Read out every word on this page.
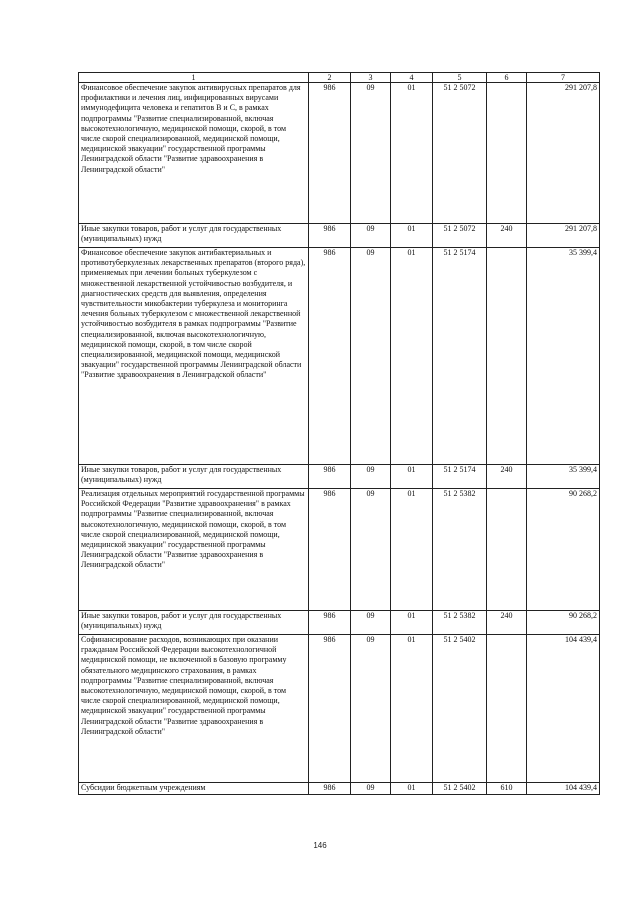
1	2	3	4	5	6	7
Финансовое обеспечение закупок антивирусных препаратов для профилактики и лечения лиц, инфицированных вирусами иммунодефицита человека и гепатитов В и С, в рамках подпрограммы "Развитие специализированной, включая высокотехнологичную, медицинской помощи, скорой, в том числе скорой специализированной, медицинской помощи, медицинской эвакуации" государственной программы Ленинградской области "Развитие здравоохранения в Ленинградской области"	986	09	01	51 2 5072		291 207,8
Иные закупки товаров, работ и услуг для государственных (муниципальных) нужд	986	09	01	51 2 5072	240	291 207,8
Финансовое обеспечение закупок антибактериальных и противотуберкулезных лекарственных препаратов (второго ряда), применяемых при лечении больных туберкулезом с множественной лекарственной устойчивостью возбудителя, и диагностических средств для выявления, определения чувствительности микобактерии туберкулеза и мониторинга лечения больных туберкулезом с множественной лекарственной устойчивостью возбудителя в рамках подпрограммы "Развитие специализированной, включая высокотехнологичную, медицинской помощи, скорой, в том числе скорой специализированной, медицинской помощи, медицинской эвакуации" государственной программы Ленинградской области "Развитие здравоохранения в Ленинградской области"	986	09	01	51 2 5174		35 399,4
Иные закупки товаров, работ и услуг для государственных (муниципальных) нужд	986	09	01	51 2 5174	240	35 399,4
Реализация отдельных мероприятий государственной программы Российской Федерации "Развитие здравоохранения" в рамках подпрограммы "Развитие специализированной, включая высокотехнологичную, медицинской помощи, скорой, в том числе скорой специализированной, медицинской помощи, медицинской эвакуации" государственной программы Ленинградской области "Развитие здравоохранения в Ленинградской области"	986	09	01	51 2 5382		90 268,2
Иные закупки товаров, работ и услуг для государственных (муниципальных) нужд	986	09	01	51 2 5382	240	90 268,2
Софинансирование расходов, возникающих при оказании гражданам Российской Федерации высокотехнологичной медицинской помощи, не включенной в базовую программу обязательного медицинского страхования, в рамках подпрограммы "Развитие специализированной, включая высокотехнологичную, медицинской помощи, скорой, в том числе скорой специализированной, медицинской помощи, медицинской эвакуации" государственной программы Ленинградской области "Развитие здравоохранения в Ленинградской области"	986	09	01	51 2 5402		104 439,4
Субсидии бюджетным учреждениям	986	09	01	51 2 5402	610	104 439,4
146
